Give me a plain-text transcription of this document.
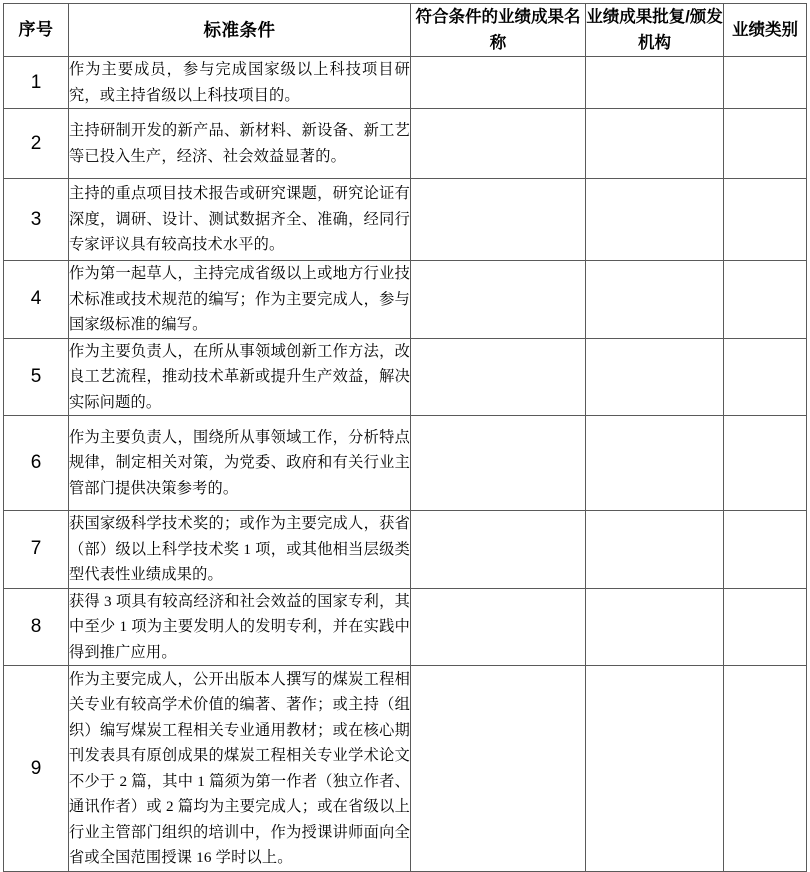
序号	标准条件	符合条件的业绩成果名称	业绩成果批复/颁发机构	业绩类别
1	作为主要成员，参与完成国家级以上科技项目研究，或主持省级以上科技项目的。			
2	主持研制开发的新产品、新材料、新设备、新工艺等已投入生产，经济、社会效益显著的。			
3	主持的重点项目技术报告或研究课题，研究论证有深度，调研、设计、测试数据齐全、准确，经同行专家评议具有较高技术水平的。			
4	作为第一起草人，主持完成省级以上或地方行业技术标准或技术规范的编写；作为主要完成人，参与国家级标准的编写。			
5	作为主要负责人，在所从事领域创新工作方法，改良工艺流程，推动技术革新或提升生产效益，解决实际问题的。			
6	作为主要负责人，围绕所从事领域工作，分析特点规律，制定相关对策，为党委、政府和有关行业主管部门提供决策参考的。			
7	获国家级科学技术奖的；或作为主要完成人，获省（部）级以上科学技术奖 1 项，或其他相当层级类型代表性业绩成果的。			
8	获得 3 项具有较高经济和社会效益的国家专利，其中至少 1 项为主要发明人的发明专利，并在实践中得到推广应用。			
9	作为主要完成人，公开出版本人撰写的煤炭工程相关专业有较高学术价值的编著、著作；或主持（组织）编写煤炭工程相关专业通用教材；或在核心期刊发表具有原创成果的煤炭工程相关专业学术论文不少于 2 篇，其中 1 篇须为第一作者（独立作者、通讯作者）或 2 篇均为主要完成人；或在省级以上行业主管部门组织的培训中，作为授课讲师面向全省或全国范围授课 16 学时以上。			
